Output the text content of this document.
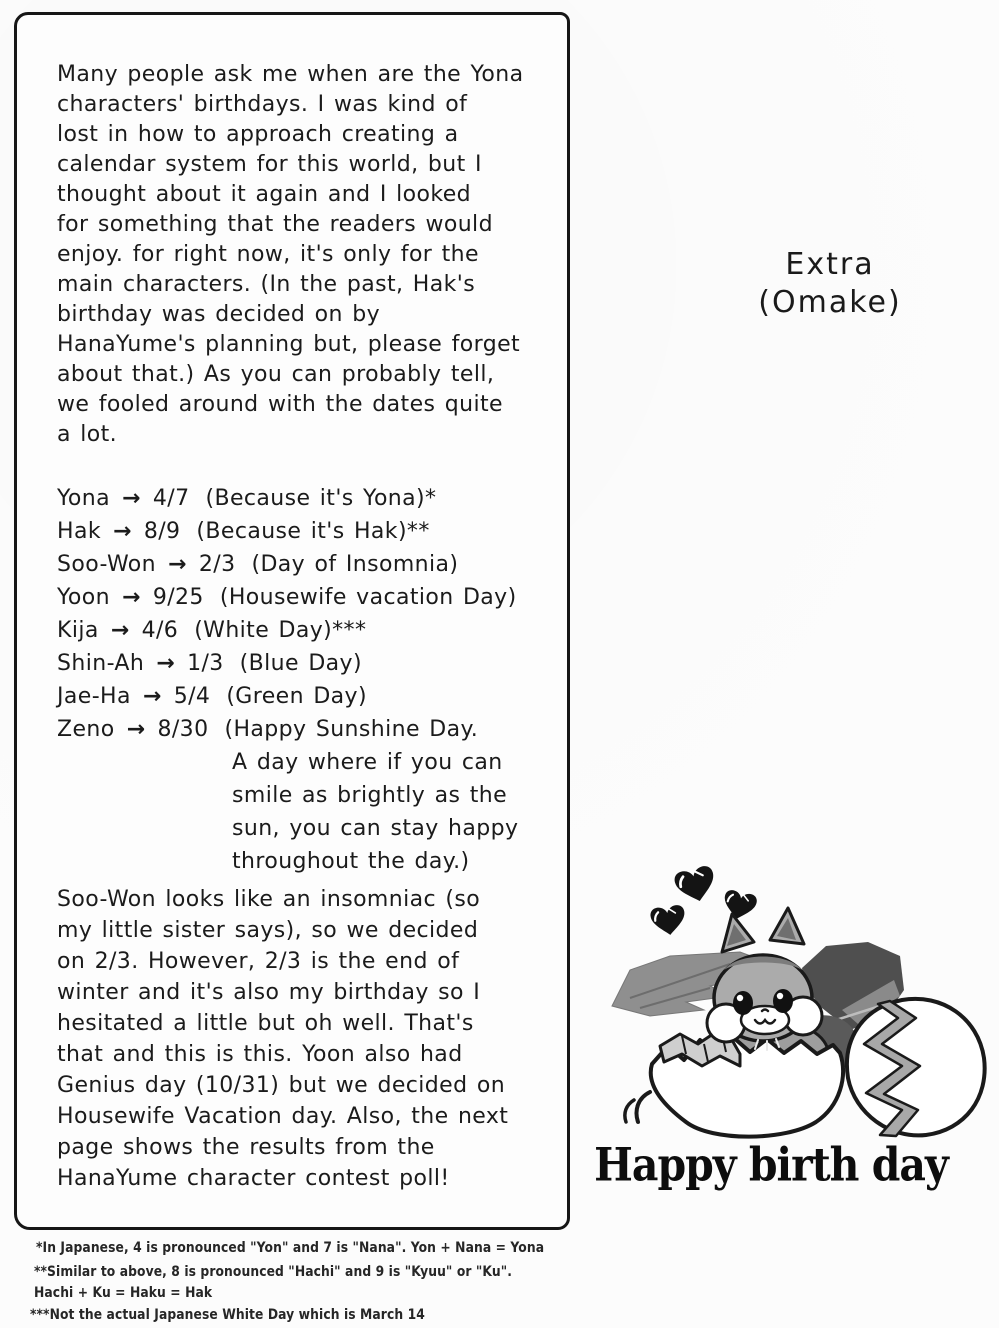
Many people ask me when are the Yona
characters' birthdays. I was kind of
lost in how to approach creating a
calendar system for this world, but I
thought about it again and I looked
for something that the readers would
enjoy. for right now, it's only for the
main characters. (In the past, Hak's
birthday was decided on by
HanaYume's planning but, please forget
about that.) As you can probably tell,
we fooled around with the dates quite
a lot.
Yona → 4/7 (Because it's Yona)*
Hak → 8/9 (Because it's Hak)**
Soo-Won → 2/3 (Day of Insomnia)
Yoon → 9/25 (Housewife vacation Day)
Kija → 4/6 (White Day)***
Shin-Ah → 1/3 (Blue Day)
Jae-Ha → 5/4 (Green Day)
Zeno → 8/30 (Happy Sunshine Day.
A day where if you can
smile as brightly as the
sun, you can stay happy
throughout the day.)
Soo-Won looks like an insomniac (so
my little sister says), so we decided
on 2/3. However, 2/3 is the end of
winter and it's also my birthday so I
hesitated a little but oh well. That's
that and this is this. Yoon also had
Genius day (10/31) but we decided on
Housewife Vacation day. Also, the next
page shows the results from the
HanaYume character contest poll!
Extra
(Omake)
Happy birth day
*In Japanese, 4 is pronounced "Yon" and 7 is "Nana". Yon + Nana = Yona
**Similar to above, 8 is pronounced "Hachi" and 9 is "Kyuu" or "Ku".
Hachi + Ku = Haku = Hak
***Not the actual Japanese White Day which is March 14
